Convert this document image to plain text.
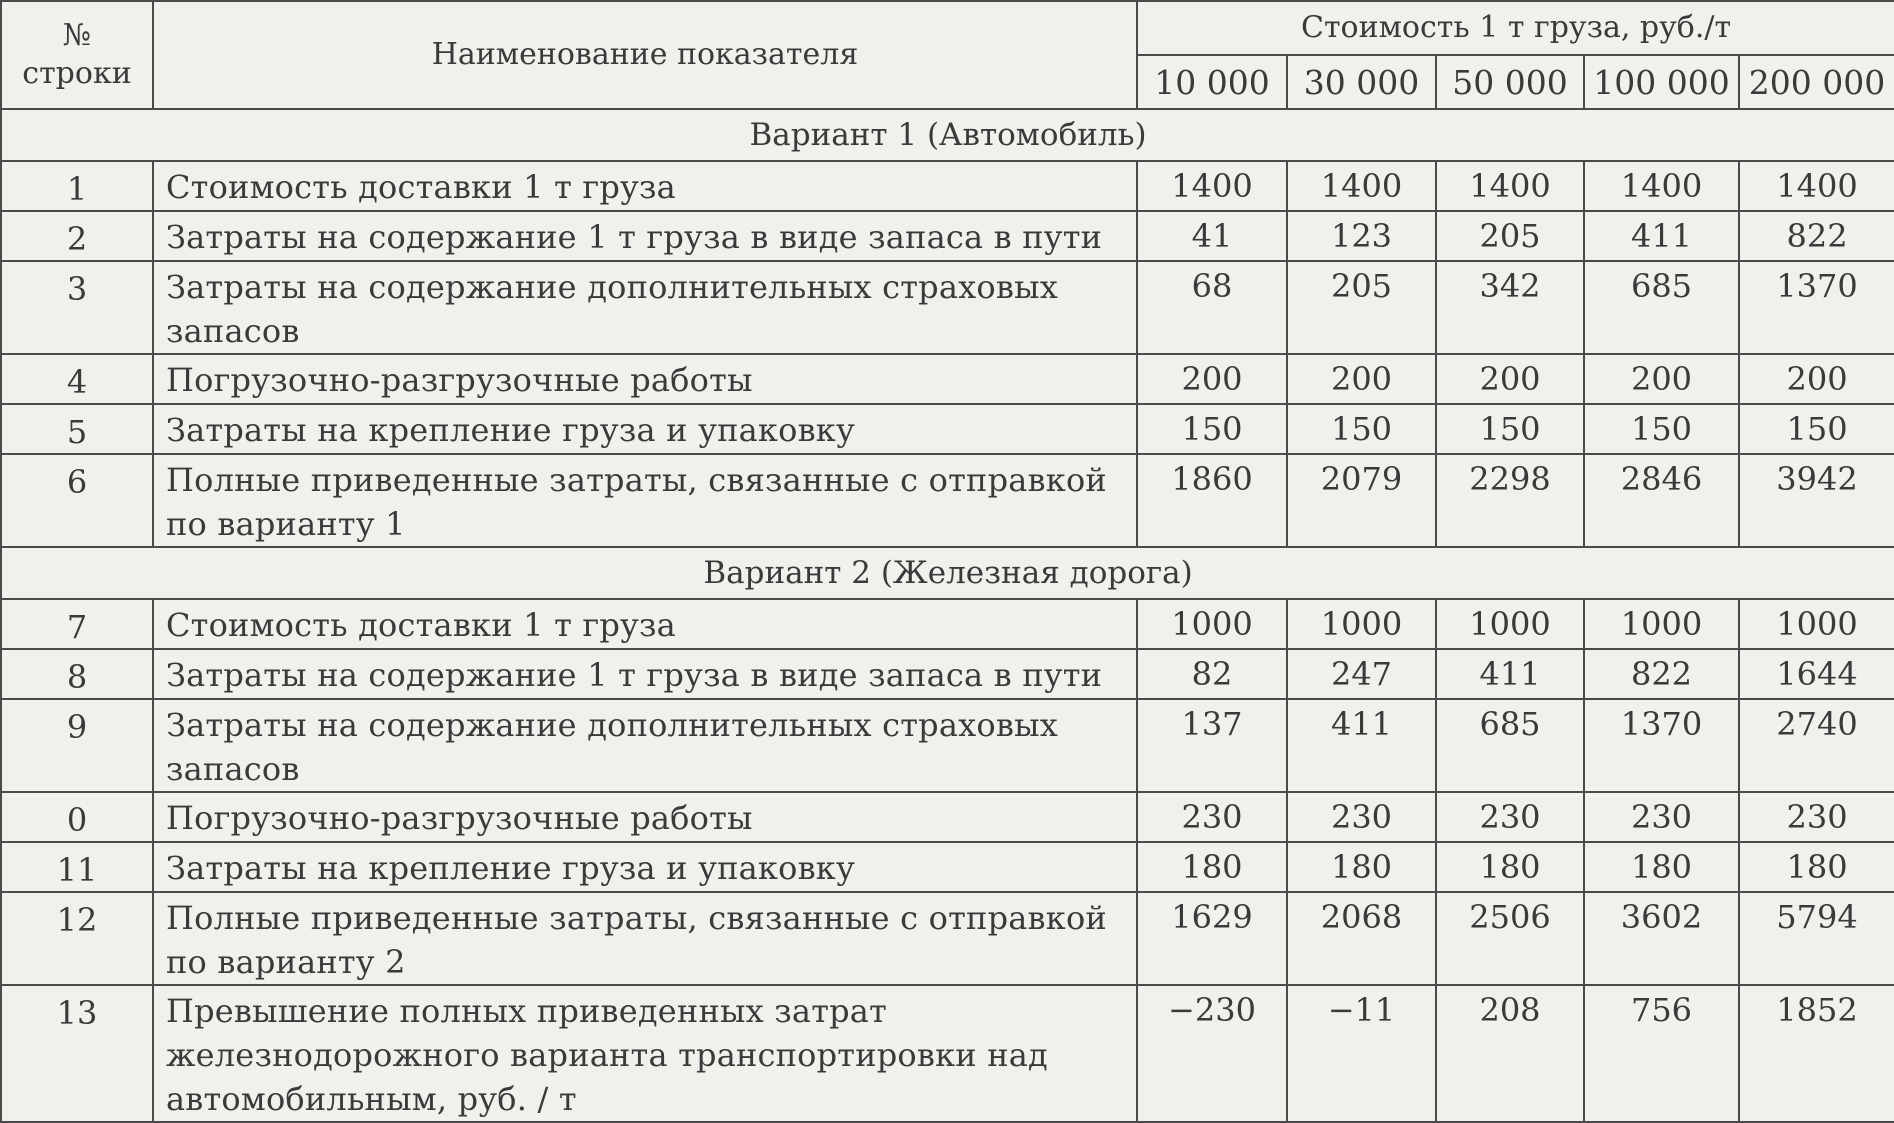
№
строки	Наименование показателя	Стоимость 1 т груза, руб./т				
		10 000	30 000	50 000	100 000	200 000
Вариант 1 (Автомобиль)						
1	Стоимость доставки 1 т груза	1400	1400	1400	1400	1400
2	Затраты на содержание 1 т груза в виде запаса в пути	41	123	205	411	822
3	Затраты на содержание дополнительных страховых запасов	68	205	342	685	1370
4	Погрузочно-разгрузочные работы	200	200	200	200	200
5	Затраты на крепление груза и упаковку	150	150	150	150	150
6	Полные приведенные затраты, связанные с отправкой по варианту 1	1860	2079	2298	2846	3942
Вариант 2 (Железная дорога)						
7	Стоимость доставки 1 т груза	1000	1000	1000	1000	1000
8	Затраты на содержание 1 т груза в виде запаса в пути	82	247	411	822	1644
9	Затраты на содержание дополнительных страховых запасов	137	411	685	1370	2740
0	Погрузочно-разгрузочные работы	230	230	230	230	230
11	Затраты на крепление груза и упаковку	180	180	180	180	180
12	Полные приведенные затраты, связанные с отправкой по варианту 2	1629	2068	2506	3602	5794
13	Превышение полных приведенных затрат железнодорожного варианта транспортировки над автомобильным, руб. / т	−230	−11	208	756	1852
